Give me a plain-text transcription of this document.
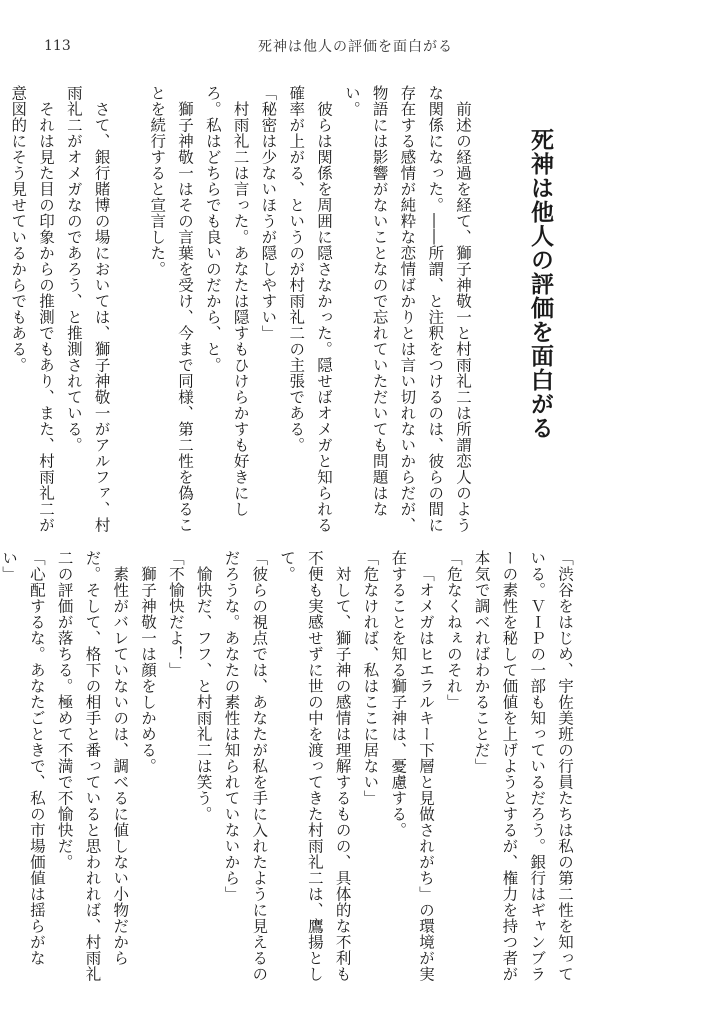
113	死神は他人の評価を面白がる
死神は他人の評価を面白がる

前述の経過を経て、獅子神敬一と村雨礼二は所謂恋人のような関係になった。――所謂、と注釈をつけるのは、彼らの間に存在する感情が純粋な恋情ばかりとは言い切れないからだが、物語には影響がないことなので忘れていただいても問題はない。

彼らは関係を周囲に隠さなかった。隠せばオメガと知られる確率が上がる、というのが村雨礼二の主張である。

「秘密は少ないほうが隠しやすい」

村雨礼二は言った。あなたは隠すもひけらかすも好きにしろ。私はどちらでも良いのだから、と。

獅子神敬一はその言葉を受け、今まで同様、第二性を偽ることを続行すると宣言した。

さて、銀行賭博の場においては、獅子神敬一がアルファ、村雨礼二がオメガなのであろう、と推測されている。

それは見た目の印象からの推測でもあり、また、村雨礼二が意図的にそう見せているからでもある。

「渋谷をはじめ、宇佐美班の行員たちは私の第二性を知っている。ＶＩＰの一部も知っているだろう。銀行はギャンブラーの素性を秘して価値を上げようとするが、権力を持つ者が本気で調べればわかることだ」

「危なくねぇのそれ」

「オメガはヒエラルキー下層と見做されがち」の環境が実在することを知る獅子神は、憂慮する。

「危なければ、私はここに居ない」

対して、獅子神の感情は理解するものの、具体的な不利も不便も実感せずに世の中を渡ってきた村雨礼二は、鷹揚として。

「彼らの視点では、あなたが私を手に入れたように見えるのだろうな。あなたの素性は知られていないから」

愉快だ、フフ、と村雨礼二は笑う。

「不愉快だよ！」

獅子神敬一は顔をしかめる。

素性がバレていないのは、調べるに値しない小物だからだ。そして、格下の相手と番っていると思われれば、村雨礼二の評価が落ちる。極めて不満で不愉快だ。

「心配するな。あなたごときで、私の市場価値は揺らがない」
